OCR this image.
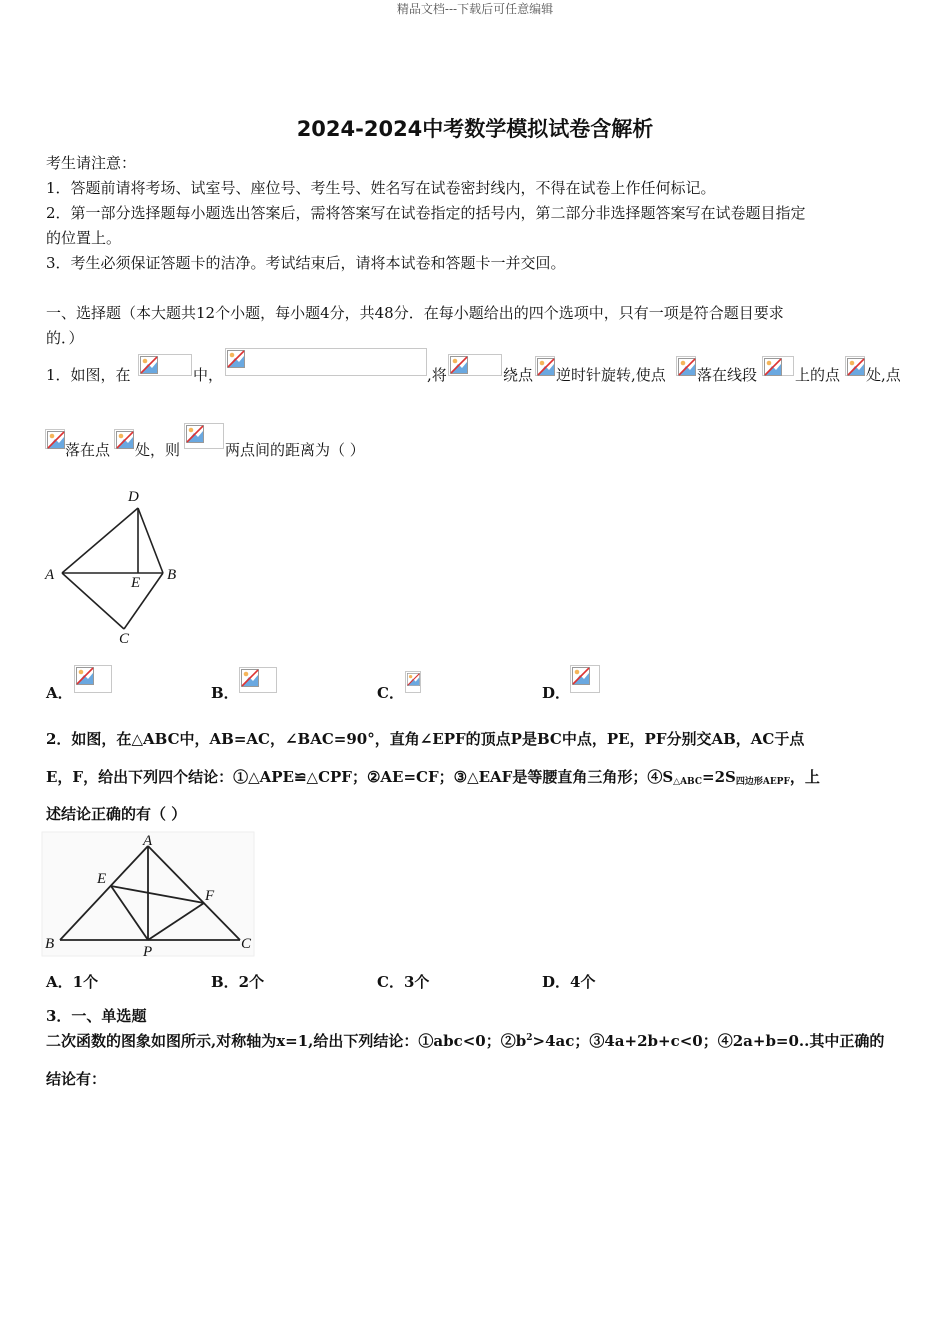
精品文档---下载后可任意编辑
2024-2024中考数学模拟试卷含解析
考生请注意：
1．答题前请将考场、试室号、座位号、考生号、姓名写在试卷密封线内，不得在试卷上作任何标记。
2．第一部分选择题每小题选出答案后，需将答案写在试卷指定的括号内，第二部分非选择题答案写在试卷题目指定
的位置上。
3．考生必须保证答题卡的洁净。考试结束后，请将本试卷和答题卡一并交回。
一、选择题（本大题共12个小题，每小题4分，共48分．在每小题给出的四个选项中，只有一项是符合题目要求
的．）
1．如图，在	中，	,将	绕点 逆时针旋转,使点 落在线段	上的点 处,点
落在点 处，则	两点间的距离为（ ）
D
A	E B
C
A．	B．	C．	D．
2．如图，在△ABC中，AB=AC，∠BAC=90°，直角∠EPF的顶点P是BC中点，PE，PF分别交AB，AC于点
E，F，给出下列四个结论：①△APE≌△CPF；②AE=CF；③△EAF是等腰直角三角形；$④S_{\triangle ABC}=2S_{四边形AEPF}$，上
述结论正确的有（ ）
A
E
F
B	P	C
A．1个	B．2个	C．3个	D．4个
3．一、单选题
二次函数的图象如图所示,对称轴为x=1,给出下列结论：①abc<0；$②b^2>4ac$；③4a+2b+c<0；④2a+b=0..其中正确的
结论有：
